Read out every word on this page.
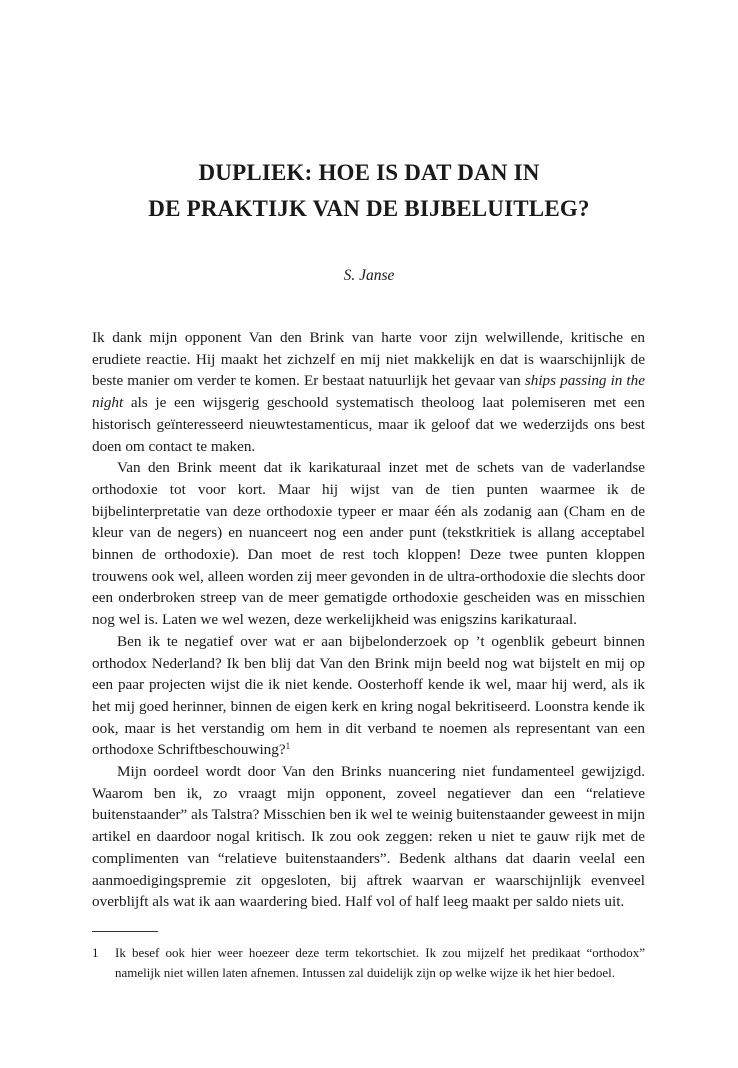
DUPLIEK: HOE IS DAT DAN IN
DE PRAKTIJK VAN DE BIJBELUITLEG?

S. Janse

Ik dank mijn opponent Van den Brink van harte voor zijn welwillende, kritische en erudiete reactie. Hij maakt het zichzelf en mij niet makkelijk en dat is waarschijnlijk de beste manier om verder te komen. Er bestaat natuurlijk het gevaar van ships passing in the night als je een wijsgerig geschoold systematisch theoloog laat polemiseren met een historisch geïnteresseerd nieuwtestamenticus, maar ik geloof dat we wederzijds ons best doen om contact te maken.

Van den Brink meent dat ik karikaturaal inzet met de schets van de vaderlandse orthodoxie tot voor kort. Maar hij wijst van de tien punten waarmee ik de bijbelinterpretatie van deze orthodoxie typeer er maar één als zodanig aan (Cham en de kleur van de negers) en nuanceert nog een ander punt (tekstkritiek is allang acceptabel binnen de orthodoxie). Dan moet de rest toch kloppen! Deze twee punten kloppen trouwens ook wel, alleen worden zij meer gevonden in de ultra-orthodoxie die slechts door een onderbroken streep van de meer gematigde orthodoxie gescheiden was en misschien nog wel is. Laten we wel wezen, deze werkelijkheid was enigszins karikaturaal.

Ben ik te negatief over wat er aan bijbelonderzoek op ’t ogenblik gebeurt binnen orthodox Nederland? Ik ben blij dat Van den Brink mijn beeld nog wat bijstelt en mij op een paar projecten wijst die ik niet kende. Oosterhoff kende ik wel, maar hij werd, als ik het mij goed herinner, binnen de eigen kerk en kring nogal bekritiseerd. Loonstra kende ik ook, maar is het verstandig om hem in dit verband te noemen als representant van een orthodoxe Schriftbeschouwing?$^1$

Mijn oordeel wordt door Van den Brinks nuancering niet fundamenteel gewijzigd. Waarom ben ik, zo vraagt mijn opponent, zoveel negatiever dan een “relatieve buitenstaander” als Talstra? Misschien ben ik wel te weinig buitenstaander geweest in mijn artikel en daardoor nogal kritisch. Ik zou ook zeggen: reken u niet te gauw rijk met de complimenten van “relatieve buitenstaanders”. Bedenk althans dat daarin veelal een aanmoedigingspremie zit opgesloten, bij aftrek waarvan er waarschijnlijk evenveel overblijft als wat ik aan waardering bied. Half vol of half leeg maakt per saldo niets uit.

1 Ik besef ook hier weer hoezeer deze term tekortschiet. Ik zou mijzelf het predikaat “orthodox” namelijk niet willen laten afnemen. Intussen zal duidelijk zijn op welke wijze ik het hier bedoel.
